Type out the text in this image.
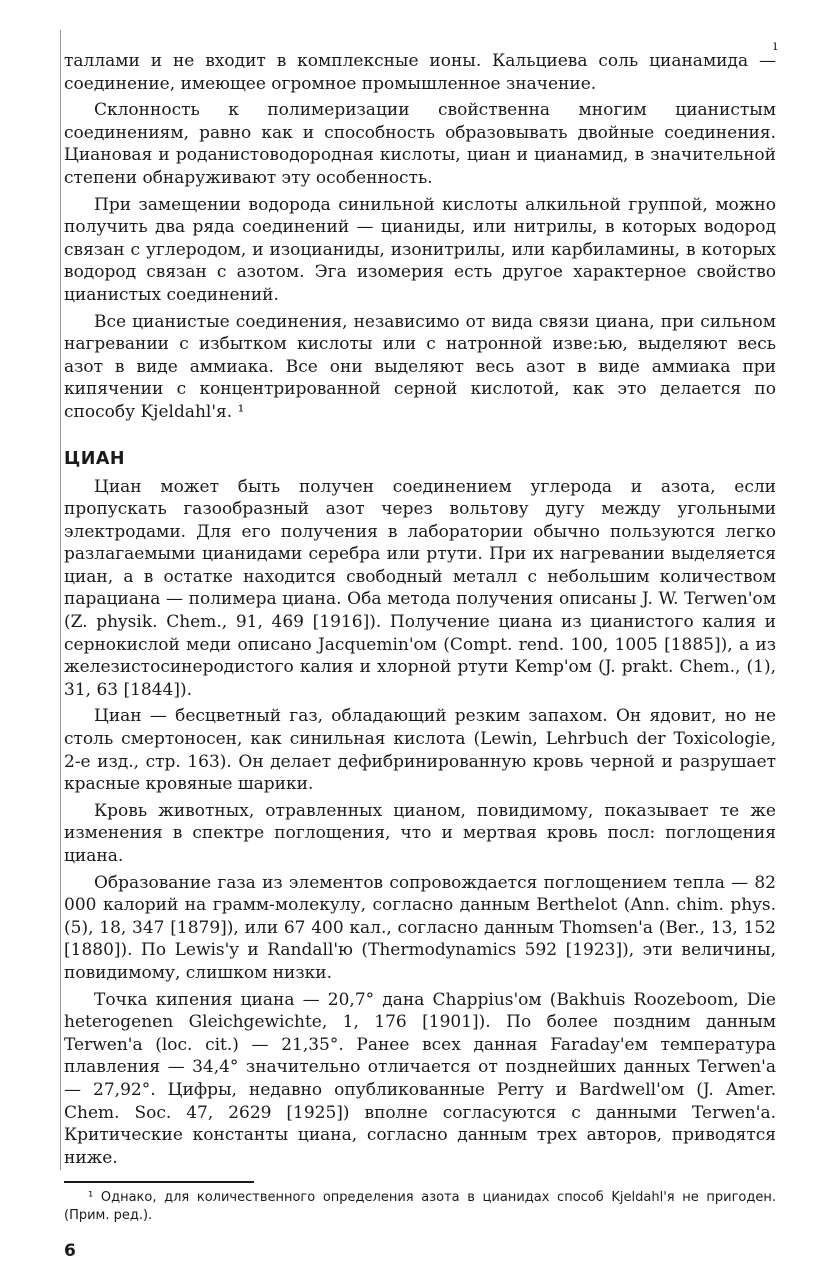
ı

таллами и не входит в комплексные ионы. Кальциева соль цианамида — соединение, имеющее огромное промышленное значение.

Склонность к полимеризации свойственна многим цианистым соединениям, равно как и способность образовывать двойные соединения. Циановая и роданистоводородная кислоты, циан и цианамид, в значительной степени обнаруживают эту особенность.

При замещении водорода синильной кислоты алкильной группой, можно получить два ряда соединений — цианиды, или нитрилы, в которых водород связан с углеродом, и изоцианиды, изонитрилы, или карбиламины, в которых водород связан с азотом. Эга изомерия есть другое характерное свойство цианистых соединений.

Все цианистые соединения, независимо от вида связи циана, при сильном нагревании с избытком кислоты или с натронной изве:ью, выделяют весь азот в виде аммиака. Все они выделяют весь азот в виде аммиака при кипячении с концентрированной серной кислотой, как это делается по способу Kjeldahl'я. ¹

ЦИАН

Циан может быть получен соединением углерода и азота, если пропускать газообразный азот через вольтову дугу между угольными электродами. Для его получения в лаборатории обычно пользуются легко разлагаемыми цианидами серебра или ртути. При их нагревании выделяется циан, а в остатке находится свободный металл с небольшим количеством парациана — полимера циана. Оба метода получения описаны J. W. Terwen'ом (Z. physik. Chem., 91, 469 [1916]). Получение циана из цианистого калия и сернокислой меди описано Jacquemin'ом (Compt. rend. 100, 1005 [1885]), а из железистосинеродистого калия и хлорной ртути Kemp'ом (J. prakt. Chem., (1), 31, 63 [1844]).

Циан — бесцветный газ, обладающий резким запахом. Он ядовит, но не столь смертоносен, как синильная кислота (Lewin, Lehrbuch der Toxicologie, 2-е изд., стр. 163). Он делает дефибринированную кровь черной и разрушает красные кровяные шарики.

Кровь животных, отравленных цианом, повидимому, показывает те же изменения в спектре поглощения, что и мертвая кровь посл: поглощения циана.

Образование газа из элементов сопровождается поглощением тепла — 82 000 калорий на грамм-молекулу, согласно данным Berthelot (Ann. chim. phys. (5), 18, 347 [1879]), или 67 400 кал., согласно данным Thomsen'a (Ber., 13, 152 [1880]). По Lewis'y и Randall'ю (Thermodynamics 592 [1923]), эти величины, повидимому, слишком низки.

Точка кипения циана — 20,7° дана Chappius'ом (Bakhuis Roozeboom, Die heterogenen Gleichgewichte, 1, 176 [1901]). По более поздним данным Terwen'a (loc. cit.) — 21,35°. Ранее всех данная Faraday'ем температура плавления — 34,4° значительно отличается от позднейших данных Terwen'a — 27,92°. Цифры, недавно опубликованные Perry и Bardwell'ом (J. Amer. Chem. Soc. 47, 2629 [1925]) вполне согласуются с данными Terwen'a. Критические константы циана, согласно данным трех авторов, приводятся ниже.

¹ Однако, для количественного определения азота в цианидах способ Kjeldahl'я не пригоден. (Прим. ред.).

6
